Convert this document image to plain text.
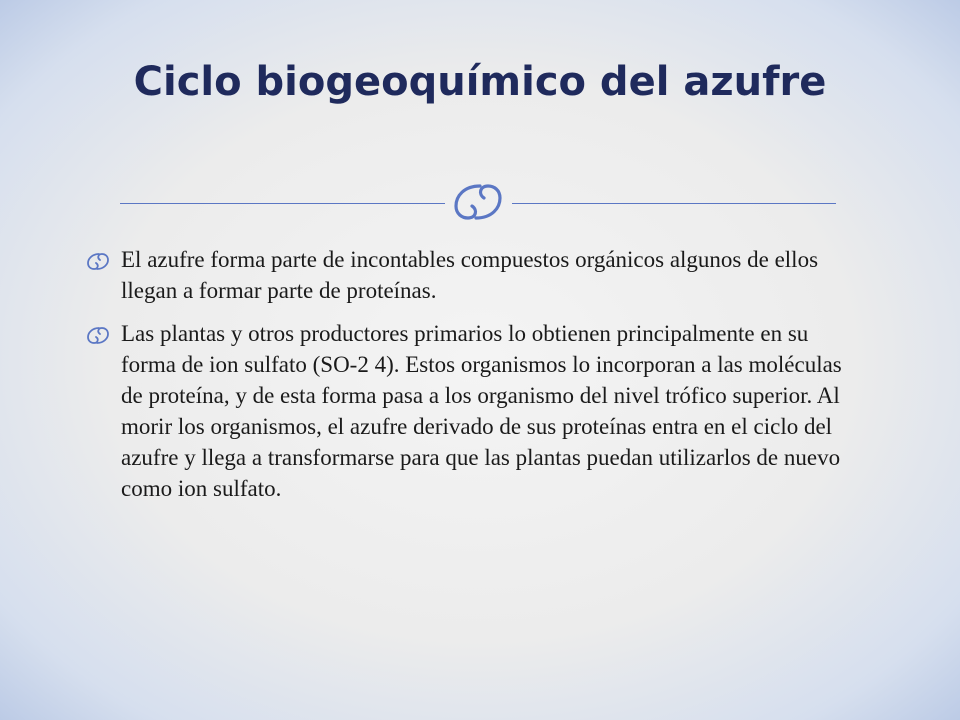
Ciclo biogeoquímico del azufre
El azufre forma parte de incontables compuestos orgánicos algunos de ellos llegan a formar parte de proteínas.
Las plantas y otros productores primarios lo obtienen principalmente en su forma de ion sulfato (SO-2 4). Estos organismos lo incorporan a las moléculas de proteína, y de esta forma pasa a los organismo del nivel trófico superior. Al morir los organismos, el azufre derivado de sus proteínas entra en el ciclo del azufre y llega a transformarse para que las plantas puedan utilizarlos de nuevo como ion sulfato.
